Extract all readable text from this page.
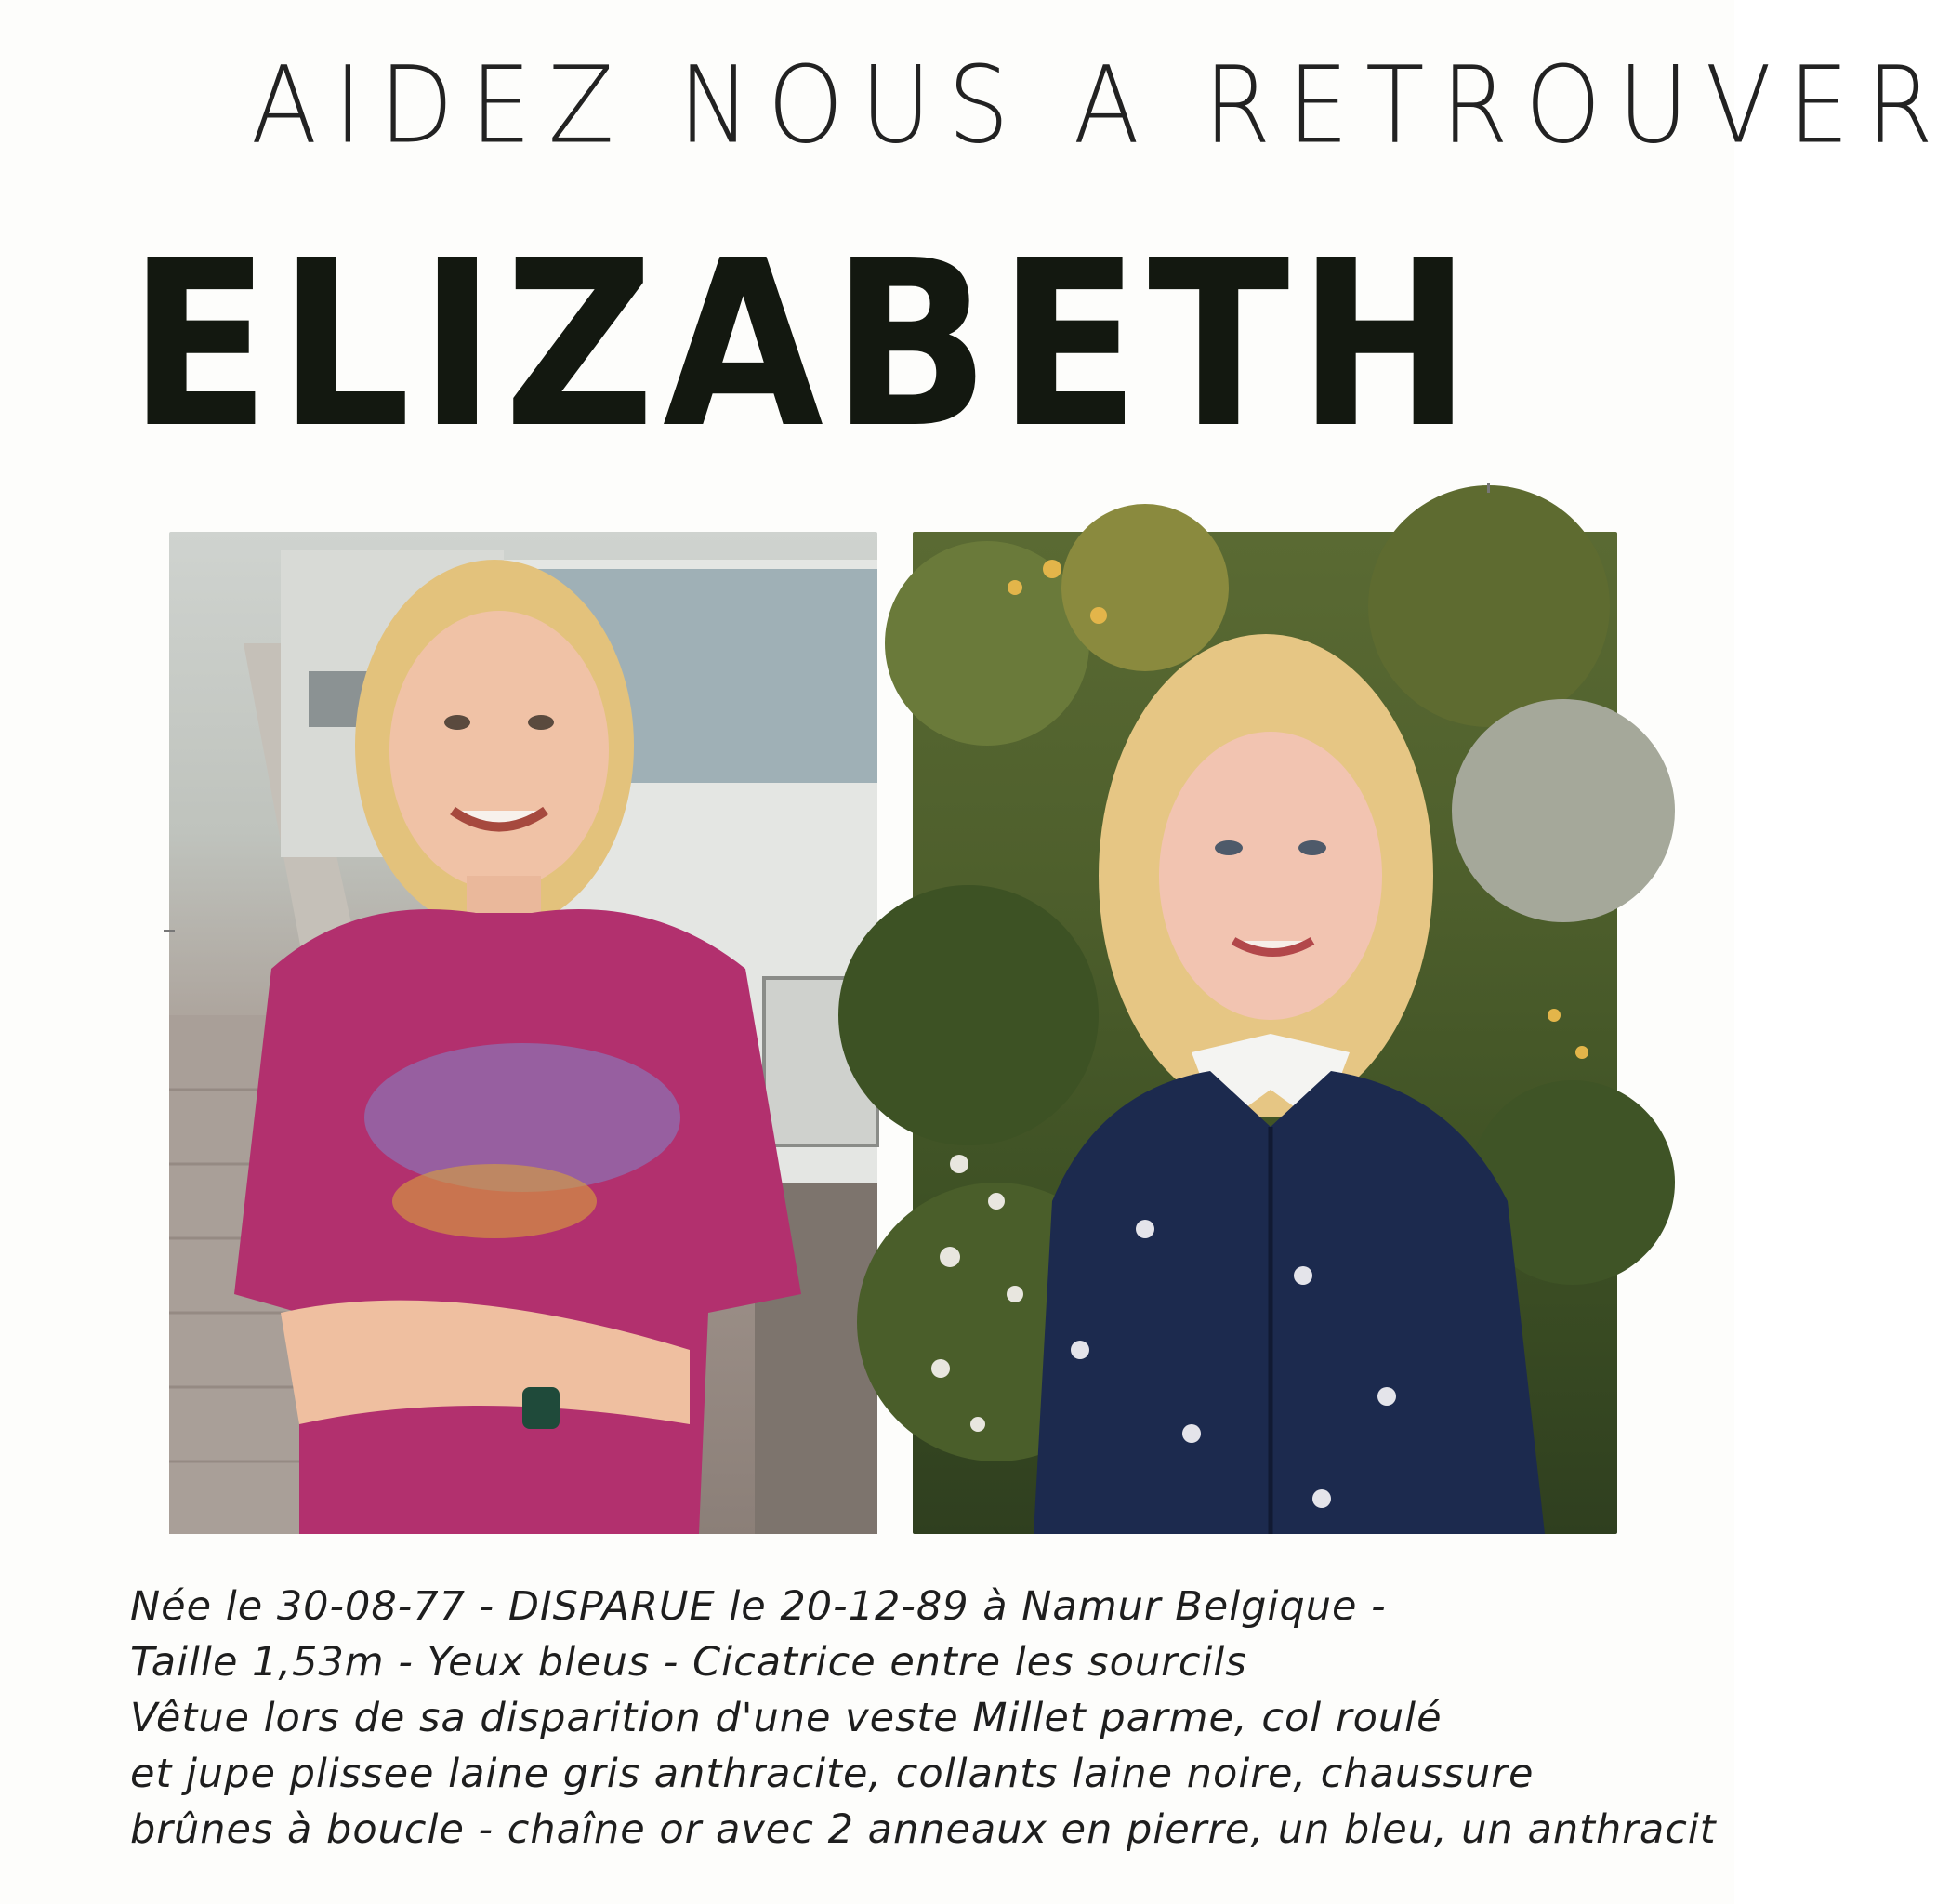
AIDEZ NOUS A RETROUVER
ELIZABETH
Née le 30-08-77 - DISPARUE le 20-12-89 à Namur Belgique -
Taille 1,53m - Yeux bleus - Cicatrice entre les sourcils
Vêtue lors de sa disparition d'une veste Millet parme, col roulé
et jupe plissee laine gris anthracite, collants laine noire, chaussure
brûnes à boucle - chaîne or avec 2 anneaux en pierre, un bleu, un anthracit
